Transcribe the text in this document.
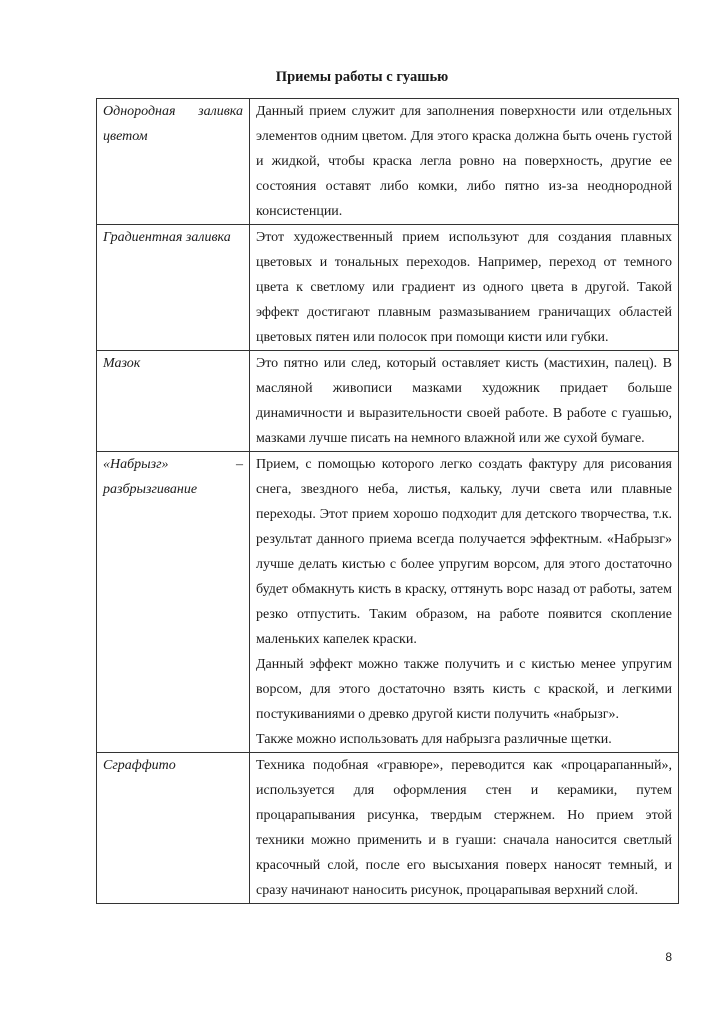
Приемы работы с гуашью
Однородная заливка цветом	Данный прием служит для заполнения поверхности или отдельных элементов одним цветом. Для этого краска должна быть очень густой и жидкой, чтобы краска легла ровно на поверхность, другие ее состояния оставят либо комки, либо пятно из-за неоднородной консистенции.

Градиентная заливка	Этот художественный прием используют для создания плавных цветовых и тональных переходов. Например, переход от темного цвета к светлому или градиент из одного цвета в другой. Такой эффект достигают плавным размазыванием граничащих областей цветовых пятен или полосок при помощи кисти или губки.

Мазок	Это пятно или след, который оставляет кисть (мастихин, палец). В масляной живописи мазками художник придает больше динамичности и выразительности своей работе. В работе с гуашью, мазками лучше писать на немного влажной или же сухой бумаге.

«Набрызг» – разбрызгивание	Прием, с помощью которого легко создать фактуру для рисования снега, звездного неба, листья, кальку, лучи света или плавные переходы. Этот прием хорошо подходит для детского творчества, т.к. результат данного приема всегда получается эффектным. «Набрызг» лучше делать кистью с более упругим ворсом, для этого достаточно будет обмакнуть кисть в краску, оттянуть ворс назад от работы, затем резко отпустить. Таким образом, на работе появится скопление маленьких капелек краски.

Данный эффект можно также получить и с кистью менее упругим ворсом, для этого достаточно взять кисть с краской, и легкими постукиваниями о древко другой кисти получить «набрызг».

Также можно использовать для набрызга различные щетки.

Сграффито	Техника подобная «гравюре», переводится как «процарапанный», используется для оформления стен и керамики, путем процарапывания рисунка, твердым стержнем. Но прием этой техники можно применить и в гуаши: сначала наносится светлый красочный слой, после его высыхания поверх наносят темный, и сразу начинают наносить рисунок, процарапывая верхний слой.

8
